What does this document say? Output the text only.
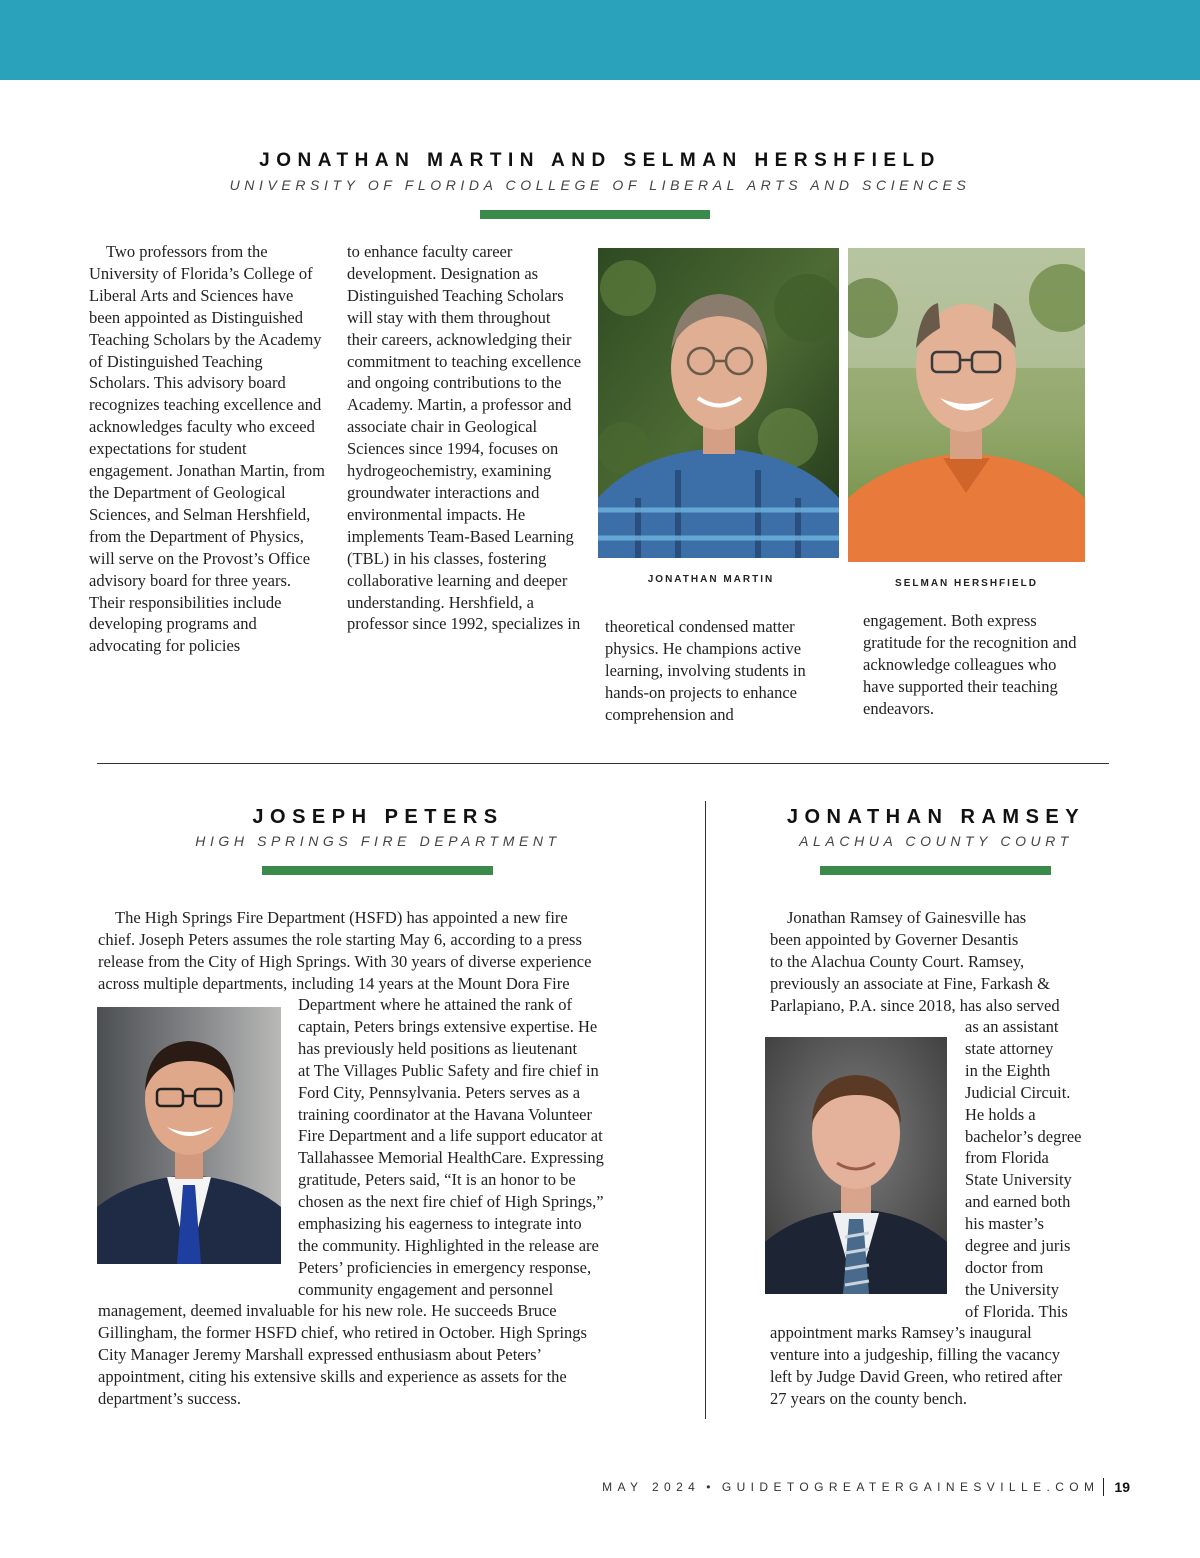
JONATHAN MARTIN AND SELMAN HERSHFIELD
UNIVERSITY OF FLORIDA COLLEGE OF LIBERAL ARTS AND SCIENCES

Two professors from the University of Florida’s College of Liberal Arts and Sciences have been appointed as Distinguished Teaching Scholars by the Academy of Distinguished Teaching Scholars. This advisory board recognizes teaching excellence and acknowledges faculty who exceed expectations for student engagement. Jonathan Martin, from the Department of Geological Sciences, and Selman Hershfield, from the Department of Physics, will serve on the Provost’s Office advisory board for three years. Their responsibilities include developing programs and advocating for policies

to enhance faculty career development. Designation as Distinguished Teaching Scholars will stay with them throughout their careers, acknowledging their commitment to teaching excellence and ongoing contributions to the Academy. Martin, a professor and associate chair in Geological Sciences since 1994, focuses on hydrogeochemistry, examining groundwater interactions and environmental impacts. He implements Team-Based Learning (TBL) in his classes, fostering collaborative learning and deeper understanding. Hershfield, a professor since 1992, specializes in

JONATHAN MARTIN	SELMAN HERSHFIELD

theoretical condensed matter physics. He champions active learning, involving students in hands-on projects to enhance comprehension and

engagement. Both express gratitude for the recognition and acknowledge colleagues who have supported their teaching endeavors.

JOSEPH PETERS
HIGH SPRINGS FIRE DEPARTMENT
The High Springs Fire Department (HSFD) has appointed a new fire
chief. Joseph Peters assumes the role starting May 6, according to a press
release from the City of High Springs. With 30 years of diverse experience
across multiple departments, including 14 years at the Mount Dora Fire
Department where he attained the rank of
captain, Peters brings extensive expertise. He
has previously held positions as lieutenant
at The Villages Public Safety and fire chief in
Ford City, Pennsylvania. Peters serves as a
training coordinator at the Havana Volunteer
Fire Department and a life support educator at
Tallahassee Memorial HealthCare. Expressing
gratitude, Peters said, “It is an honor to be
chosen as the next fire chief of High Springs,”
emphasizing his eagerness to integrate into
the community. Highlighted in the release are
Peters’ proficiencies in emergency response,
community engagement and personnel
management, deemed invaluable for his new role. He succeeds Bruce
Gillingham, the former HSFD chief, who retired in October. High Springs
City Manager Jeremy Marshall expressed enthusiasm about Peters’
appointment, citing his extensive skills and experience as assets for the
department’s success.
JONATHAN RAMSEY
ALACHUA COUNTY COURT
Jonathan Ramsey of Gainesville has
been appointed by Governer Desantis
to the Alachua County Court. Ramsey,
previously an associate at Fine, Farkash &
Parlapiano, P.A. since 2018, has also served
as an assistant
state attorney
in the Eighth
Judicial Circuit.
He holds a
bachelor’s degree
from Florida
State University
and earned both
his master’s
degree and juris
doctor from
the University
of Florida. This
appointment marks Ramsey’s inaugural
venture into a judgeship, filling the vacancy
left by Judge David Green, who retired after
27 years on the county bench.
MAY 2024 • GUIDETOGREATERGAINESVILLE.COM 19
